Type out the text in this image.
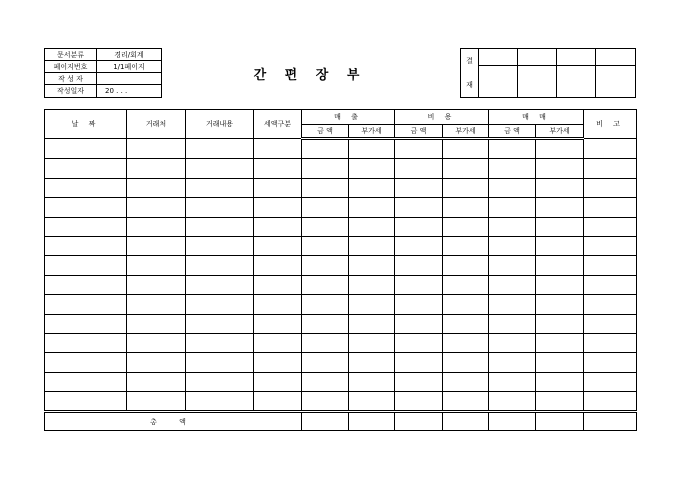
문서분류	경리/회계
페이지번호	1/1페이지
작 성 자
작성일자	20 . . .
간 편 장 부
결
재
날 짜	거래처	거래내용	세액구분	매 출		비 용		매 매		비 고
				금 액	부가세	금 액	부가세	금 액	부가세	

총 액										
